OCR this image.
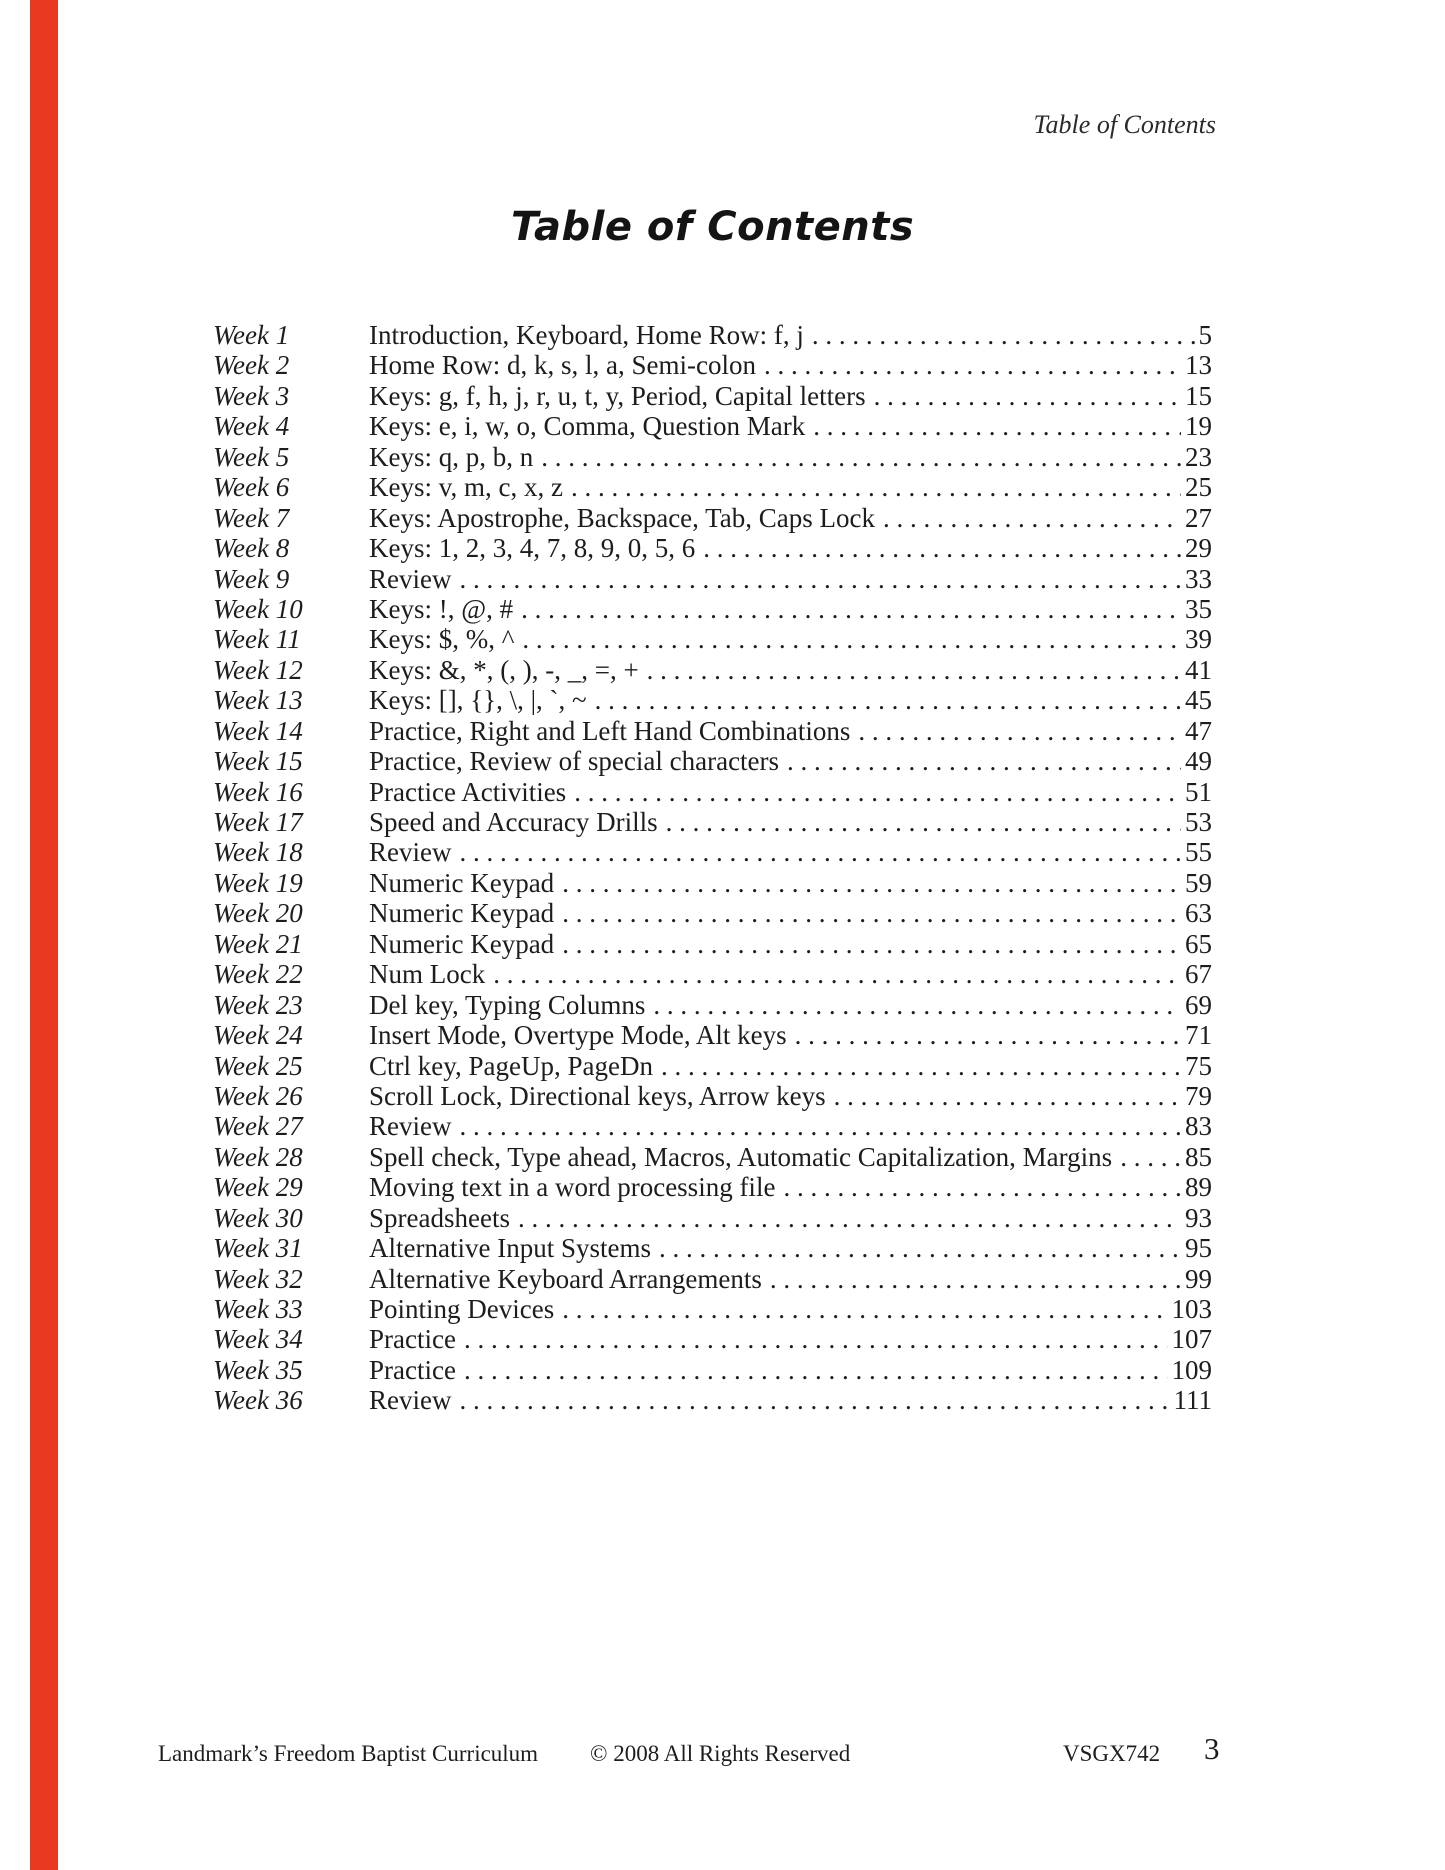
Table of Contents
Table of Contents
Week 1	Introduction, Keyboard, Home Row: f, j . . .	5
Week 2	Home Row: d, k, s, l, a, Semi-colon . . .	13
Week 3	Keys: g, f, h, j, r, u, t, y, Period, Capital letters . . .	15
Week 4	Keys: e, i, w, o, Comma, Question Mark . . .	19
Week 5	Keys: q, p, b, n . . .	23
Week 6	Keys: v, m, c, x, z . . .	25
Week 7	Keys: Apostrophe, Backspace, Tab, Caps Lock . . .	27
Week 8	Keys: 1, 2, 3, 4, 7, 8, 9, 0, 5, 6 . . .	29
Week 9	Review . . .	33
Week 10	Keys: !, @, # . . .	35
Week 11	Keys: $, %, ^ . . .	39
Week 12	Keys: &, *, (, ), -, _, =, + . . .	41
Week 13	Keys: [], {}, \, |, `, ~ . . .	45
Week 14	Practice, Right and Left Hand Combinations . . .	47
Week 15	Practice, Review of special characters . . .	49
Week 16	Practice Activities . . .	51
Week 17	Speed and Accuracy Drills . . .	53
Week 18	Review . . .	55
Week 19	Numeric Keypad . . .	59
Week 20	Numeric Keypad . . .	63
Week 21	Numeric Keypad . . .	65
Week 22	Num Lock . . .	67
Week 23	Del key, Typing Columns . . .	69
Week 24	Insert Mode, Overtype Mode, Alt keys . . .	71
Week 25	Ctrl key, PageUp, PageDn . . .	75
Week 26	Scroll Lock, Directional keys, Arrow keys . . .	79
Week 27	Review . . .	83
Week 28	Spell check, Type ahead, Macros, Automatic Capitalization, Margins . . .	85
Week 29	Moving text in a word processing file . . .	89
Week 30	Spreadsheets . . .	93
Week 31	Alternative Input Systems . . .	95
Week 32	Alternative Keyboard Arrangements . . .	99
Week 33	Pointing Devices . . .	103
Week 34	Practice . . .	107
Week 35	Practice . . .	109
Week 36	Review . . .	111
Landmark’s Freedom Baptist Curriculum © 2008 All Rights Reserved	VSGX742 3
